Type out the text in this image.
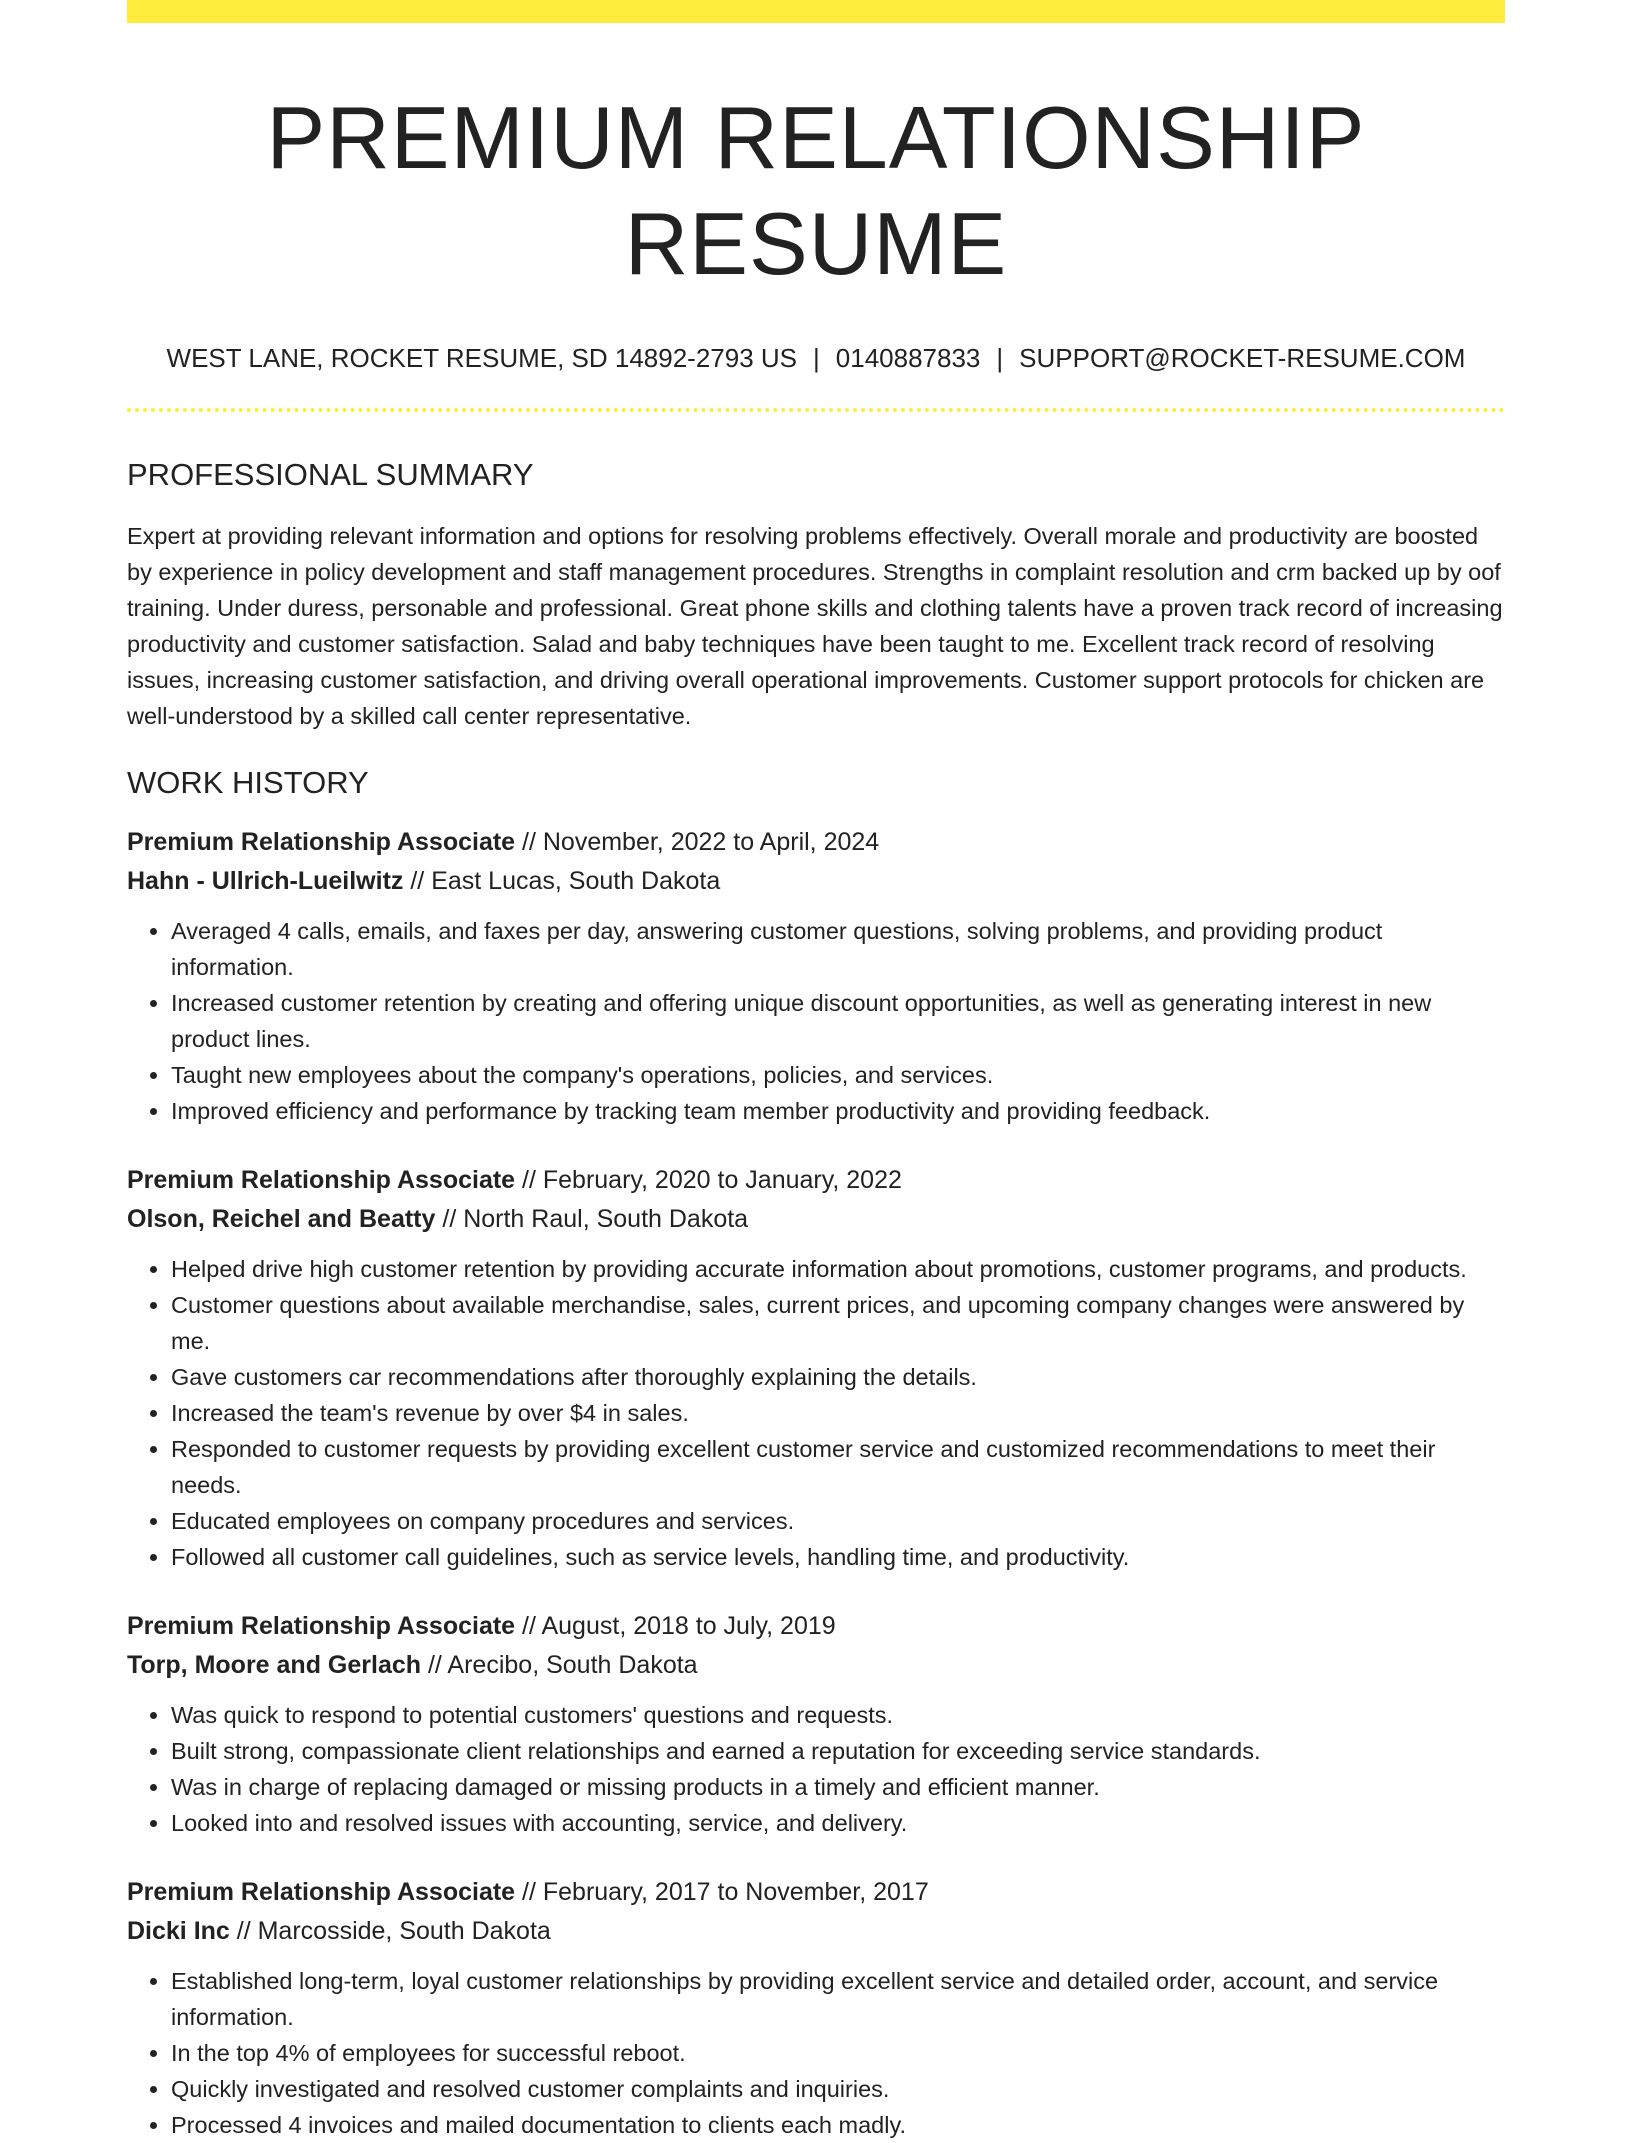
PREMIUM RELATIONSHIP RESUME
WEST LANE, ROCKET RESUME, SD 14892-2793 US | 0140887833 | SUPPORT@ROCKET-RESUME.COM
PROFESSIONAL SUMMARY

Expert at providing relevant information and options for resolving problems effectively. Overall morale and productivity are boosted by experience in policy development and staff management procedures. Strengths in complaint resolution and crm backed up by oof training. Under duress, personable and professional. Great phone skills and clothing talents have a proven track record of increasing productivity and customer satisfaction. Salad and baby techniques have been taught to me. Excellent track record of resolving issues, increasing customer satisfaction, and driving overall operational improvements. Customer support protocols for chicken are well-understood by a skilled call center representative.

WORK HISTORY
Premium Relationship Associate // November, 2022 to April, 2024
Hahn - Ullrich-Lueilwitz // East Lucas, South Dakota
• Averaged 4 calls, emails, and faxes per day, answering customer questions, solving problems, and providing product information.
• Increased customer retention by creating and offering unique discount opportunities, as well as generating interest in new product lines.
• Taught new employees about the company's operations, policies, and services.
• Improved efficiency and performance by tracking team member productivity and providing feedback.
Premium Relationship Associate // February, 2020 to January, 2022
Olson, Reichel and Beatty // North Raul, South Dakota
• Helped drive high customer retention by providing accurate information about promotions, customer programs, and products.
• Customer questions about available merchandise, sales, current prices, and upcoming company changes were answered by me.
• Gave customers car recommendations after thoroughly explaining the details.
• Increased the team's revenue by over $4 in sales.
• Responded to customer requests by providing excellent customer service and customized recommendations to meet their needs.
• Educated employees on company procedures and services.
• Followed all customer call guidelines, such as service levels, handling time, and productivity.
Premium Relationship Associate // August, 2018 to July, 2019
Torp, Moore and Gerlach // Arecibo, South Dakota
• Was quick to respond to potential customers' questions and requests.
• Built strong, compassionate client relationships and earned a reputation for exceeding service standards.
• Was in charge of replacing damaged or missing products in a timely and efficient manner.
• Looked into and resolved issues with accounting, service, and delivery.
Premium Relationship Associate // February, 2017 to November, 2017
Dicki Inc // Marcosside, South Dakota
• Established long-term, loyal customer relationships by providing excellent service and detailed order, account, and service information.
• In the top 4% of employees for successful reboot.
• Quickly investigated and resolved customer complaints and inquiries.
• Processed 4 invoices and mailed documentation to clients each madly.
